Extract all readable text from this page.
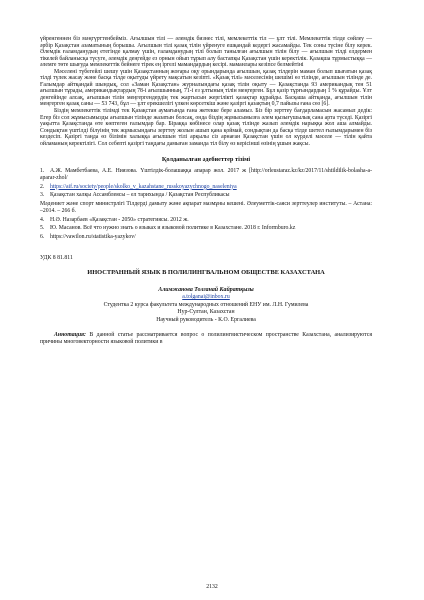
үйренгеннен біз мәңгүрттенбейміз. Ағылшын тілі — әлемдік бизнес тілі, мемлекеттік тіл — ұлт тілі. Мемлекеттік тілде сөйлеу — әрбір Қазақстан азаматының борышы. Ағылшын тілі қазақ тілін үйренуге ешқандай кедергі жасамайды. Тек соны түсіне білу керек. Әлемдік ғаламданудың етегінде қалмау үшін, ғаламданудың тілі болып танылған ағылшын тілін білу — ағылшын тілді елдермен тікелей байланысқа түсуге, әлемдік деңгейде ез орнын ойып тұрып алу бастапқы Қазақстан үшін керектілік. Қазақша тұрмыстыққа — әлемге төте шығуда мемлекеттік бейнеге тірек ең іргелі мамандардың кесірі. маманлары кезіпсе белмейтіні

Мәселені түбегейлі шешу үшін Қазақстанның жоғары оқу орындарында ағылшын, қазақ тілдерін маман болып шығатын қазақ тілді түлек жасау және басқа тілде оқытуды үйрету мақсатын кезіпті. «Қазақ тілі» мәселесінің шешімі өз тілінде, ағылшын тілінде де. Ғалымдар айтқандай шындық, сол «Заман Қазақстан» журналындағы қазақ тілін оқыту — Қазақстанда 93 американдық тен 51 ағылшын тұрады, американдықтардың 78-і ағылшынның, 71-і ез ұлтының тілін меңгерген. Бұл қазір тұрғындардың 1 % құрайды. Ұлт денгейінде алсақ, ағылшын тілін меңгергендердің тек жартысын жергілікті қазақтар құрайды. Басқаша айтқанда, ағылшын тілін меңгерген қазақ саны — 53 743, бұл — ұлт ерекшелігі үлкен көрсеткіш және қазіргі қазақтың 0,7 пайызы ғана сөз [6].

Біздің мемлекеттік тілімді тек Қазақстан аумағында ғана жетекке бере аламыз. Біз бір зерттеу бағдарламасын жасамыл дедік: Егер біз сол жұмысымызды ағылшын тілінде жазатын болсақ, онда біздің жұмысымызға әлем қызығушылық сана арта түседі. Қазіргі уақытта Қазақстанда өте көптеген ғалымдар бар. Біраққа көбінесе олар қазақ тілінде жазып әлемдік нарыққа жол аша алмайды. Сондықтан үштілді білуінің тек жұмысындағы зерттеу жолын ашып қана қоймай, сондықтан да басқа тілде шетел ғылымдарымен біз кездесіп. Қазіргі таңда өз білімін халыққа ағылшын тілі арқылы сіз арнаған Қазақстан үшін ол күрделі мәселе — тілін қайта ойламаның керектілігі. Сол себепті қазіргі таңдағы дамыған заманда тіл білу өз керісінші өзінің ұшын жақсы.

Қолданылған әдебиеттер тізімі

1. А.Ж. Мамбетбаева, А.Е. Ниязова. Үштілдік-болашаққа апарар жол. 2017 ж [http://orleustaraz.kz/kz/2017/11/shtildilik-bolasha-a-aparar-zhol/

2. https://aif.ru/society/people/skolko_v_kazahstane_russkoyazychnogo_naseleniya

3. Қазақстан халқы Ассамблеясы – ел тарихында / Қазақстан Республикасы

Мәдениет және спорт министрлігі Тілдерді дамыту және ақпарат мазмұны кешені. Әлеуметтік-саяси зерттеулер институты. – Астана: –2014. – 266 б.

4. Н.Ә. Назарбаев «Қазақстан - 2050» стратегиясы. 2012 ж.

5. Ю. Масанов. Всё что нужно знать о языках и языковой политике в Казахстане. 2018 г. Informburo.kz

6. https://vawilon.ru/statistika-yazykov/

УДК 8 81.811
ИНОСТРАННЫЙ ЯЗЫК В ПОЛИЛИНГВАЛЬНОМ ОБЩЕСТВЕ КАЗАХСТАНА
Алимжанова Толганай Кайратқызы
a.tolganai@inbox.ru

Студентка 2 курса факультета международных отношений ЕНУ им. Л.Н. Гумилева

Нур-Султан, Казахстан

Научный руководитель - К.О. Ергалиева

Аннотация: В данной статье рассматривается вопрос о полилингвистическом пространстве Казахстана, анализируются причины многовекторности языковой политики в

2132
